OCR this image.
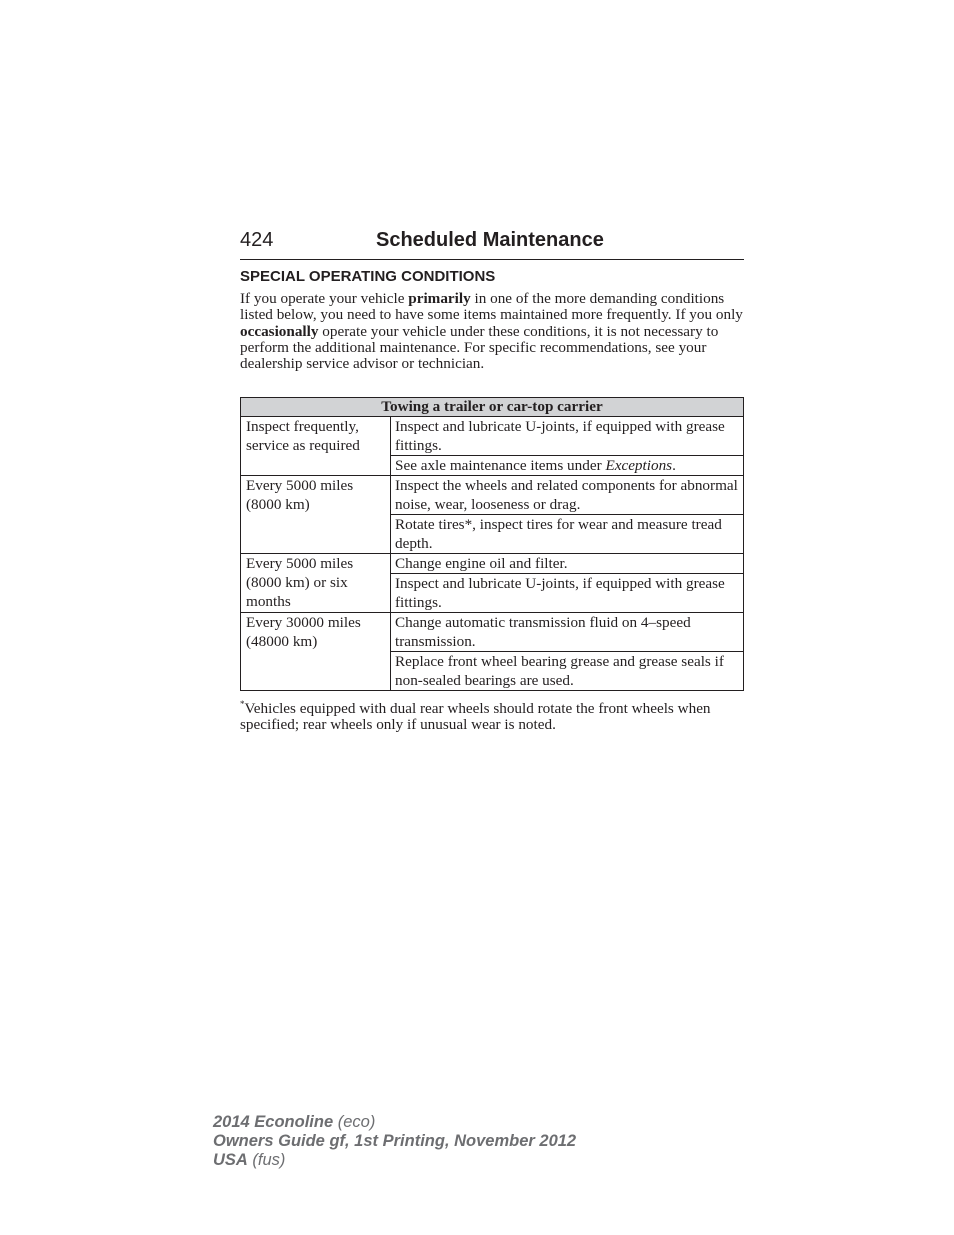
424	Scheduled Maintenance
SPECIAL OPERATING CONDITIONS

If you operate your vehicle primarily in one of the more demanding conditions listed below, you need to have some items maintained more frequently. If you only occasionally operate your vehicle under these conditions, it is not necessary to perform the additional maintenance. For specific recommendations, see your dealership service advisor or technician.

Towing a trailer or car-top carrier	
Inspect frequently, service as required	Inspect and lubricate U-joints, if equipped with grease fittings.
	See axle maintenance items under Exceptions.
Every 5000 miles (8000 km)	Inspect the wheels and related components for abnormal noise, wear, looseness or drag.
	Rotate tires*, inspect tires for wear and measure tread depth.
Every 5000 miles (8000 km) or six months	Change engine oil and filter.
	Inspect and lubricate U-joints, if equipped with grease fittings.
Every 30000 miles (48000 km)	Change automatic transmission fluid on 4–speed transmission.
	Replace front wheel bearing grease and grease seals if non-sealed bearings are used.

*Vehicles equipped with dual rear wheels should rotate the front wheels when specified; rear wheels only if unusual wear is noted.

2014 Econoline (eco)
Owners Guide gf, 1st Printing, November 2012
USA (fus)
